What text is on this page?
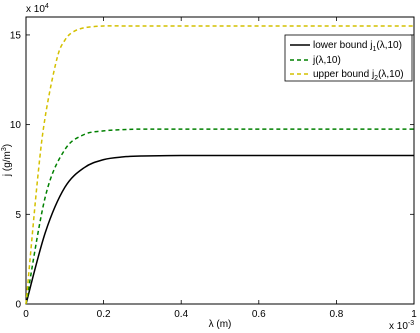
0	0.2	0.4	0.6	0.8	1
0
5
10
15
x $10^4$
x $10^{-3}$
λ (m)
j $(g/m^3)$
lower bound $j_1(\lambda,10)$
j(λ,10)
upper bound $j_2(\lambda,10)$
